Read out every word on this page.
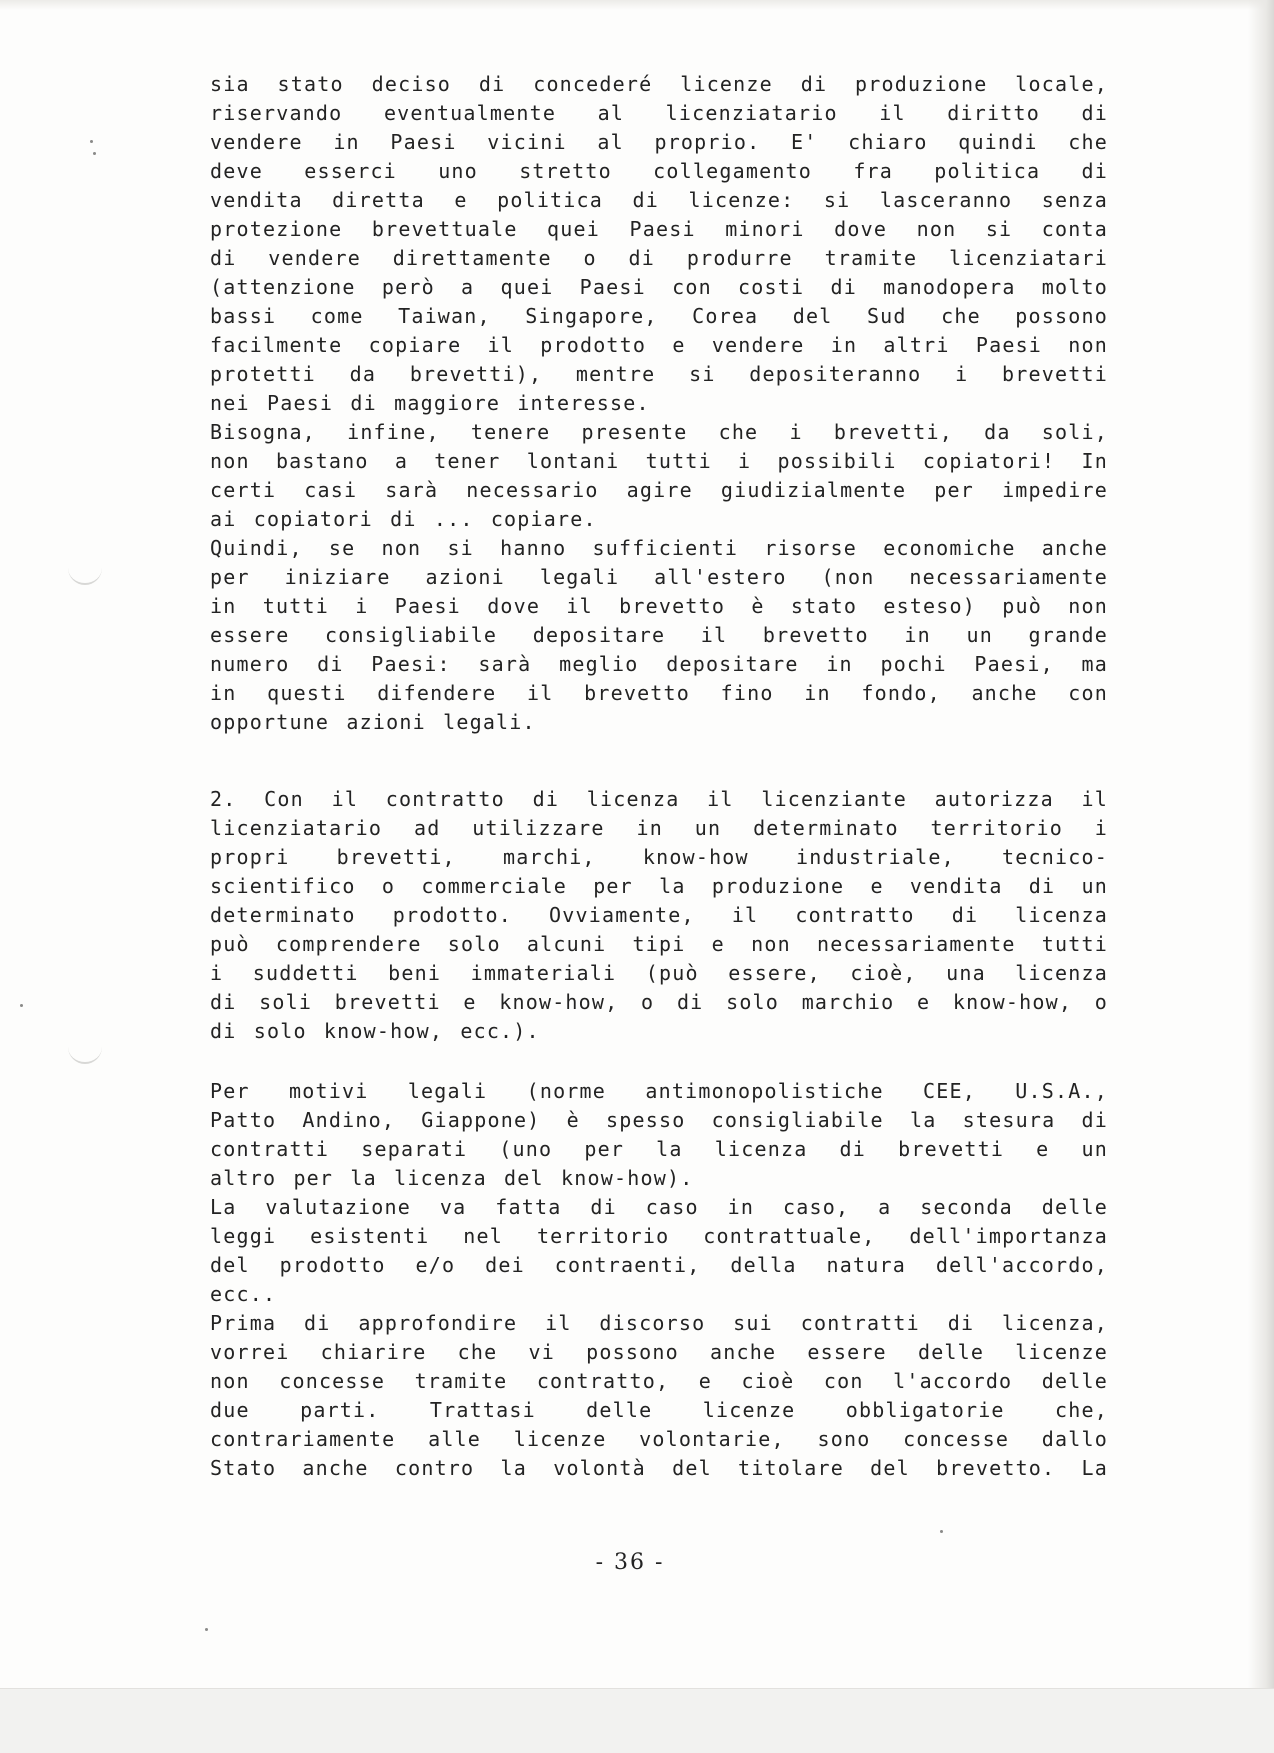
sia stato deciso di concederé licenze di produzione locale,
riservando eventualmente al licenziatario il diritto di
vendere in Paesi vicini al proprio. E' chiaro quindi che
deve esserci uno stretto collegamento fra politica di
vendita diretta e politica di licenze: si lasceranno senza
protezione brevettuale quei Paesi minori dove non si conta
di vendere direttamente o di produrre tramite licenziatari
(attenzione però a quei Paesi con costi di manodopera molto
bassi come Taiwan, Singapore, Corea del Sud che possono
facilmente copiare il prodotto e vendere in altri Paesi non
protetti da brevetti), mentre si depositeranno i brevetti
nei Paesi di maggiore interesse.
Bisogna, infine, tenere presente che i brevetti, da soli,
non bastano a tener lontani tutti i possibili copiatori! In
certi casi sarà necessario agire giudizialmente per impedire
ai copiatori di ... copiare.
Quindi, se non si hanno sufficienti risorse economiche anche
per iniziare azioni legali all'estero (non necessariamente
in tutti i Paesi dove il brevetto è stato esteso) può non
essere consigliabile depositare il brevetto in un grande
numero di Paesi: sarà meglio depositare in pochi Paesi, ma
in questi difendere il brevetto fino in fondo, anche con
opportune azioni legali.
2. Con il contratto di licenza il licenziante autorizza il
licenziatario ad utilizzare in un determinato territorio i
propri brevetti, marchi, know-how industriale, tecnico-
scientifico o commerciale per la produzione e vendita di un
determinato prodotto. Ovviamente, il contratto di licenza
può comprendere solo alcuni tipi e non necessariamente tutti
i suddetti beni immateriali (può essere, cioè, una licenza
di soli brevetti e know-how, o di solo marchio e know-how, o
di solo know-how, ecc.).
Per motivi legali (norme antimonopolistiche CEE, U.S.A.,
Patto Andino, Giappone) è spesso consigliabile la stesura di
contratti separati (uno per la licenza di brevetti e un
altro per la licenza del know-how).
La valutazione va fatta di caso in caso, a seconda delle
leggi esistenti nel territorio contrattuale, dell'importanza
del prodotto e/o dei contraenti, della natura dell'accordo,
ecc..
Prima di approfondire il discorso sui contratti di licenza,
vorrei chiarire che vi possono anche essere delle licenze
non concesse tramite contratto, e cioè con l'accordo delle
due parti. Trattasi delle licenze obbligatorie che,
contrariamente alle licenze volontarie, sono concesse dallo
Stato anche contro la volontà del titolare del brevetto. La
- 36 -
